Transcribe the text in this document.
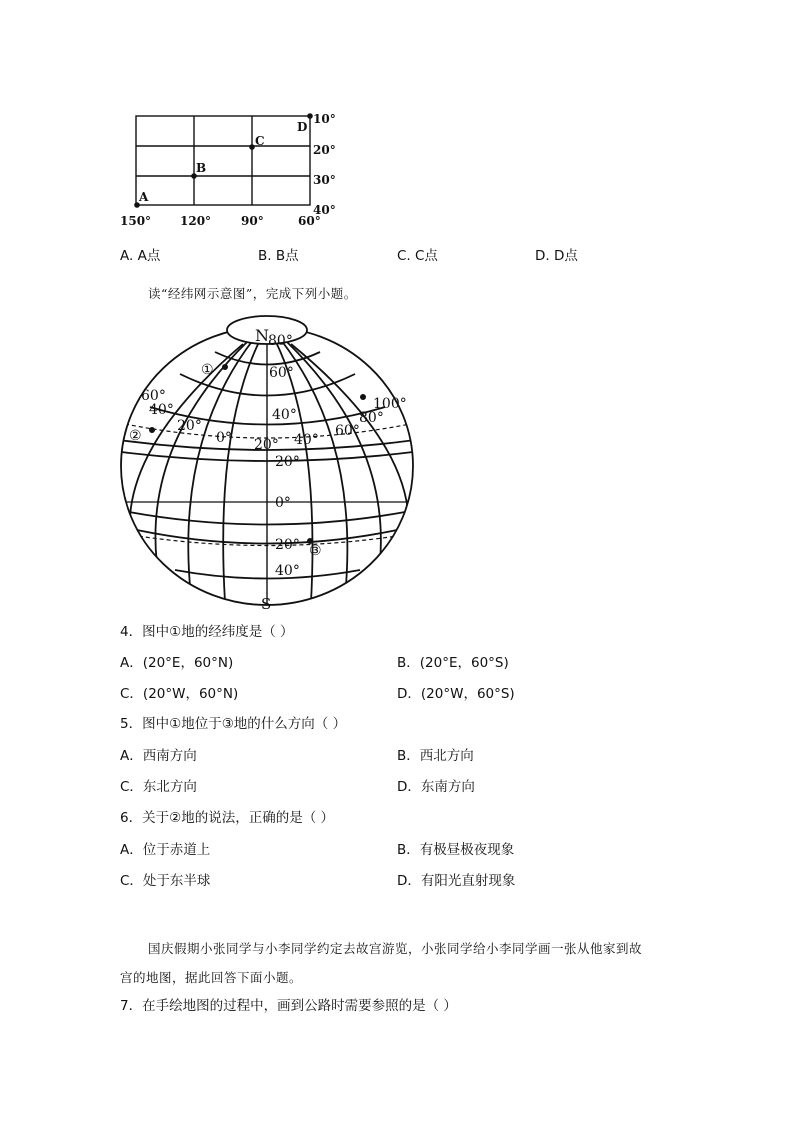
A
B
C
D
10°
20°
30°
40°
150° 120° 90°	60°
A. A点	B. B点	C. C点	D. D点
读“经纬网示意图”，完成下列小题。
N
S
80°
60°
40°
20°
0°
20°
40°
60°
40°
20°
0° 20° 40°
60°
80°
100°
①
②
③
4．图中①地的经纬度是（ ）
A．(20°E，60°N)	B．(20°E，60°S)
C．(20°W，60°N)	D．(20°W，60°S)
5．图中①地位于③地的什么方向（ ）
A．西南方向	B．西北方向
C．东北方向	D．东南方向
6．关于②地的说法，正确的是（ ）
A．位于赤道上	B．有极昼极夜现象
C．处于东半球	D．有阳光直射现象
国庆假期小张同学与小李同学约定去故宫游览，小张同学给小李同学画一张从他家到故
宫的地图，据此回答下面小题。
7．在手绘地图的过程中，画到公路时需要参照的是（ ）
